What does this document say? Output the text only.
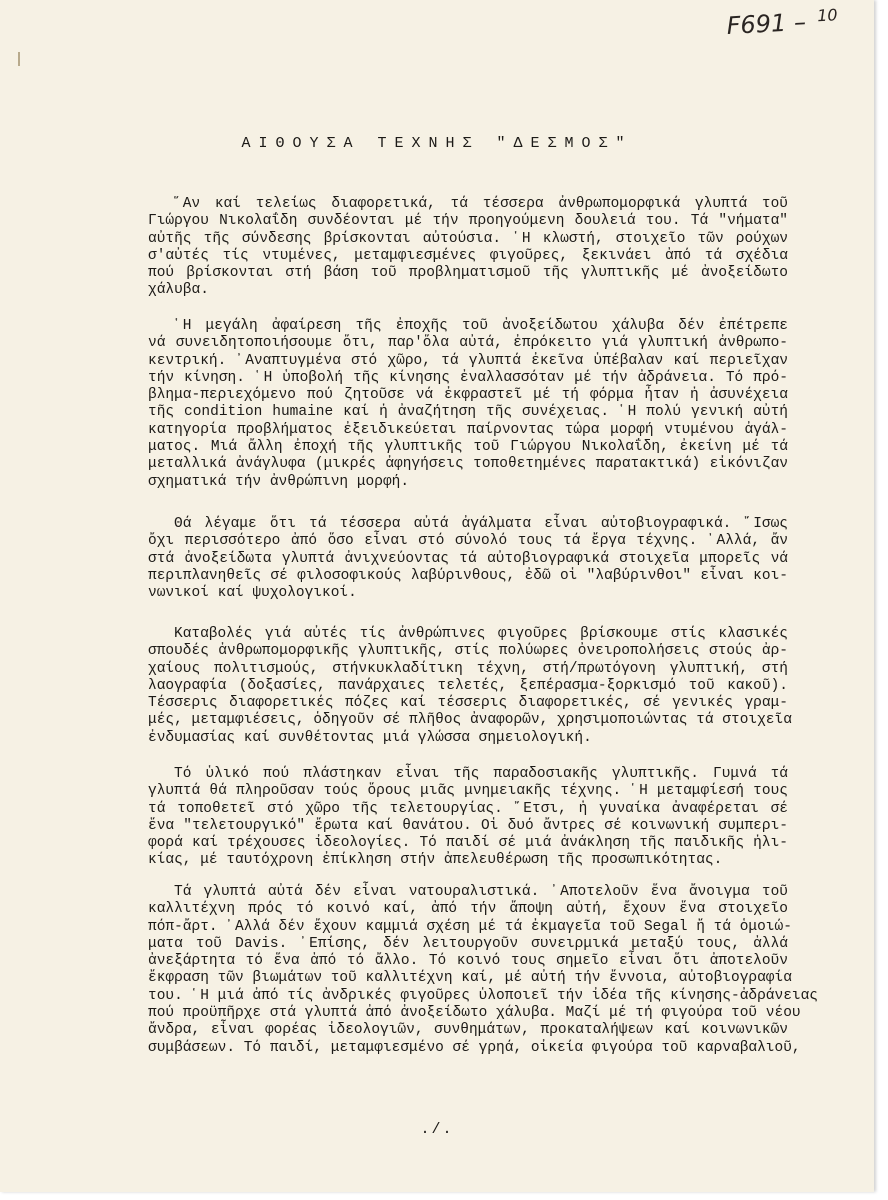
F691 – $^{10}$
ΑΙΘΟΥΣΑ ΤΕΧΝΗΣ "ΔΕΣΜΟΣ"
῞Αν καί τελείως διαφορετικά, τά τέσσερα ἀνθρωπομορφικά γλυπτά τοῦ
Γιώργου Νικολαΐδη συνδέονται μέ τήν προηγούμενη δουλειά του. Τά "νήματα"
αὐτῆς τῆς σύνδεσης βρίσκονται αὐτούσια. ῾Η κλωστή, στοιχεῖο τῶν ρούχων
σ'αὐτές τίς ντυμένες, μεταμφιεσμένες φιγοῦρες, ξεκινάει ἀπό τά σχέδια
πού βρίσκονται στή βάση τοῦ προβληματισμοῦ τῆς γλυπτικῆς μέ ἀνοξείδωτο
χάλυβα.
῾Η μεγάλη ἀφαίρεση τῆς ἐποχῆς τοῦ ἀνοξείδωτου χάλυβα δέν ἐπέτρεπε
νά συνειδητοποιήσουμε ὅτι, παρ'ὅλα αὐτά, ἐπρόκειτο γιά γλυπτική ἀνθρωπο-
κεντρική. ᾿Αναπτυγμένα στό χῶρο, τά γλυπτά ἐκεῖνα ὑπέβαλαν καί περιεῖχαν
τήν κίνηση. ῾Η ὑποβολή τῆς κίνησης ἐναλλασσόταν μέ τήν ἀδράνεια. Τό πρό-
βλημα-περιεχόμενο πού ζητοῦσε νά ἐκφραστεῖ μέ τή φόρμα ἦταν ἡ ἀσυνέχεια
τῆς condition humaine καί ἡ ἀναζήτηση τῆς συνέχειας. ῾Η πολύ γενική αὐτή
κατηγορία προβλήματος ἐξειδικεύεται παίρνοντας τώρα μορφή ντυμένου ἀγάλ-
ματος. Μιά ἄλλη ἐποχή τῆς γλυπτικῆς τοῦ Γιώργου Νικολαΐδη, ἐκείνη μέ τά
μεταλλικά ἀνάγλυφα (μικρές ἀφηγήσεις τοποθετημένες παρατακτικά) εἰκόνιζαν
σχηματικά τήν ἀνθρώπινη μορφή.
Θά λέγαμε ὅτι τά τέσσερα αὐτά ἀγάλματα εἶναι αὐτοβιογραφικά. ῎Ισως
ὄχι περισσότερο ἀπό ὅσο εἶναι στό σύνολό τους τά ἔργα τέχνης. ᾿Αλλά, ἄν
στά ἀνοξείδωτα γλυπτά ἀνιχνεύοντας τά αὐτοβιογραφικά στοιχεῖα μπορεῖς νά
περιπλανηθεῖς σέ φιλοσοφικούς λαβύρινθους, ἐδῶ οἱ "λαβύρινθοι" εἶναι κοι-
νωνικοί καί ψυχολογικοί.
Καταβολές γιά αὐτές τίς ἀνθρώπινες φιγοῦρες βρίσκουμε στίς κλασικές
σπουδές ἀνθρωπομορφικῆς γλυπτικῆς, στίς πολύωρες ὀνειροπολήσεις στούς ἀρ-
χαίους πολιτισμούς, στήνκυκλαδίτικη τέχνη, στή/πρωτόγονη γλυπτική, στή
λαογραφία (δοξασίες, πανάρχαιες τελετές, ξεπέρασμα-ξορκισμό τοῦ κακοῦ).
Τέσσερις διαφορετικές πόζες καί τέσσερις διαφορετικές, σέ γενικές γραμ-
μές, μεταμφιέσεις, ὁδηγοῦν σέ πλῆθος ἀναφορῶν, χρησιμοποιώντας τά στοιχεῖα
ἐνδυμασίας καί συνθέτοντας μιά γλώσσα σημειολογική.
Τό ὑλικό πού πλάστηκαν εἶναι τῆς παραδοσιακῆς γλυπτικῆς. Γυμνά τά
γλυπτά θά πληροῦσαν τούς ὅρους μιᾶς μνημειακῆς τέχνης. ῾Η μεταμφίεσή τους
τά τοποθετεῖ στό χῶρο τῆς τελετουργίας. ῎Ετσι, ἡ γυναίκα ἀναφέρεται σέ
ἕνα "τελετουργικό" ἔρωτα καί θανάτου. Οἱ δυό ἄντρες σέ κοινωνική συμπερι-
φορά καί τρέχουσες ἰδεολογίες. Τό παιδί σέ μιά ἀνάκληση τῆς παιδικῆς ἡλι-
κίας, μέ ταυτόχρονη ἐπίκληση στήν ἀπελευθέρωση τῆς προσωπικότητας.
Τά γλυπτά αὐτά δέν εἶναι νατουραλιστικά. ᾿Αποτελοῦν ἕνα ἄνοιγμα τοῦ
καλλιτέχνη πρός τό κοινό καί, ἀπό τήν ἄποψη αὐτή, ἔχουν ἕνα στοιχεῖο
πόπ-ἄρτ. ᾿Αλλά δέν ἔχουν καμμιά σχέση μέ τά ἐκμαγεῖα τοῦ Segal ἤ τά ὁμοιώ-
ματα τοῦ Davis. ᾿Επίσης, δέν λειτουργοῦν συνειρμικά μεταξύ τους, ἀλλά
ἀνεξάρτητα τό ἕνα ἀπό τό ἄλλο. Τό κοινό τους σημεῖο εἶναι ὅτι ἀποτελοῦν
ἔκφραση τῶν βιωμάτων τοῦ καλλιτέχνη καί, μέ αὐτή τήν ἔννοια, αὐτοβιογραφία
του. ῾Η μιά ἀπό τίς ἀνδρικές φιγοῦρες ὑλοποιεῖ τήν ἰδέα τῆς κίνησης-ἀδράνειας
πού προϋπῆρχε στά γλυπτά ἀπό ἀνοξείδωτο χάλυβα. Μαζί μέ τή φιγούρα τοῦ νέου
ἄνδρα, εἶναι φορέας ἰδεολογιῶν, συνθημάτων, προκαταλήψεων καί κοινωνικῶν
συμβάσεων. Τό παιδί, μεταμφιεσμένο σέ γρηά, οἰκεία φιγούρα τοῦ καρναβαλιοῦ,
./.
